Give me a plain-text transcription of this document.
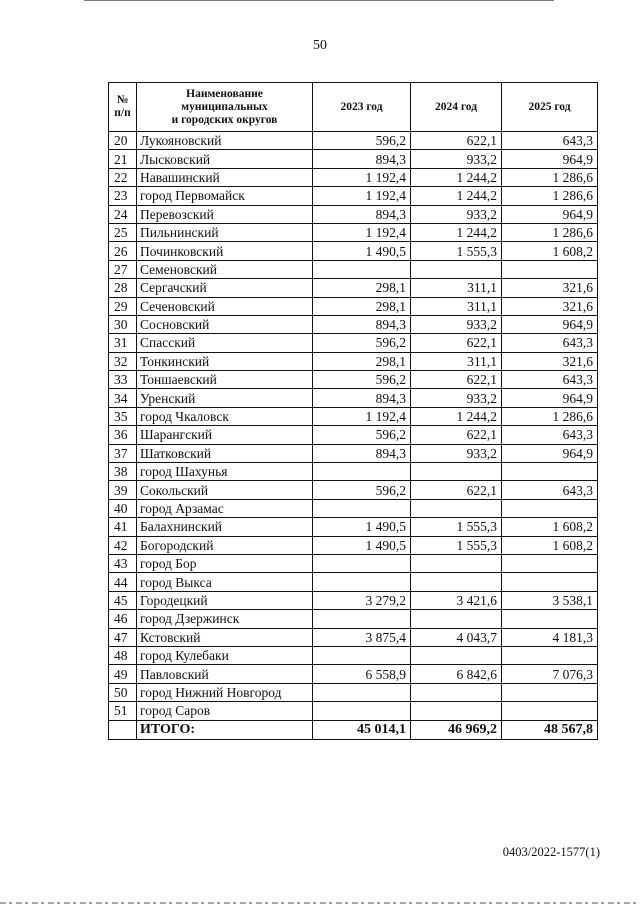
50
№
п/п	Наименование
муниципальных
и городских округов	2023 год	2024 год	2025 год
20	Лукояновский	596,2	622,1	643,3
21	Лысковский	894,3	933,2	964,9
22	Навашинский	1 192,4	1 244,2	1 286,6
23	город Первомайск	1 192,4	1 244,2	1 286,6
24	Перевозский	894,3	933,2	964,9
25	Пильнинский	1 192,4	1 244,2	1 286,6
26	Починковский	1 490,5	1 555,3	1 608,2
27	Семеновский			
28	Сергачский	298,1	311,1	321,6
29	Сеченовский	298,1	311,1	321,6
30	Сосновский	894,3	933,2	964,9
31	Спасский	596,2	622,1	643,3
32	Тонкинский	298,1	311,1	321,6
33	Тоншаевский	596,2	622,1	643,3
34	Уренский	894,3	933,2	964,9
35	город Чкаловск	1 192,4	1 244,2	1 286,6
36	Шарангский	596,2	622,1	643,3
37	Шатковский	894,3	933,2	964,9
38	город Шахунья			
39	Сокольский	596,2	622,1	643,3
40	город Арзамас			
41	Балахнинский	1 490,5	1 555,3	1 608,2
42	Богородский	1 490,5	1 555,3	1 608,2
43	город Бор			
44	город Выкса			
45	Городецкий	3 279,2	3 421,6	3 538,1
46	город Дзержинск			
47	Кстовский	3 875,4	4 043,7	4 181,3
48	город Кулебаки			
49	Павловский	6 558,9	6 842,6	7 076,3
50	город Нижний Новгород			
51	город Саров			
	ИТОГО:	45 014,1	46 969,2	48 567,8
0403/2022-1577(1)
